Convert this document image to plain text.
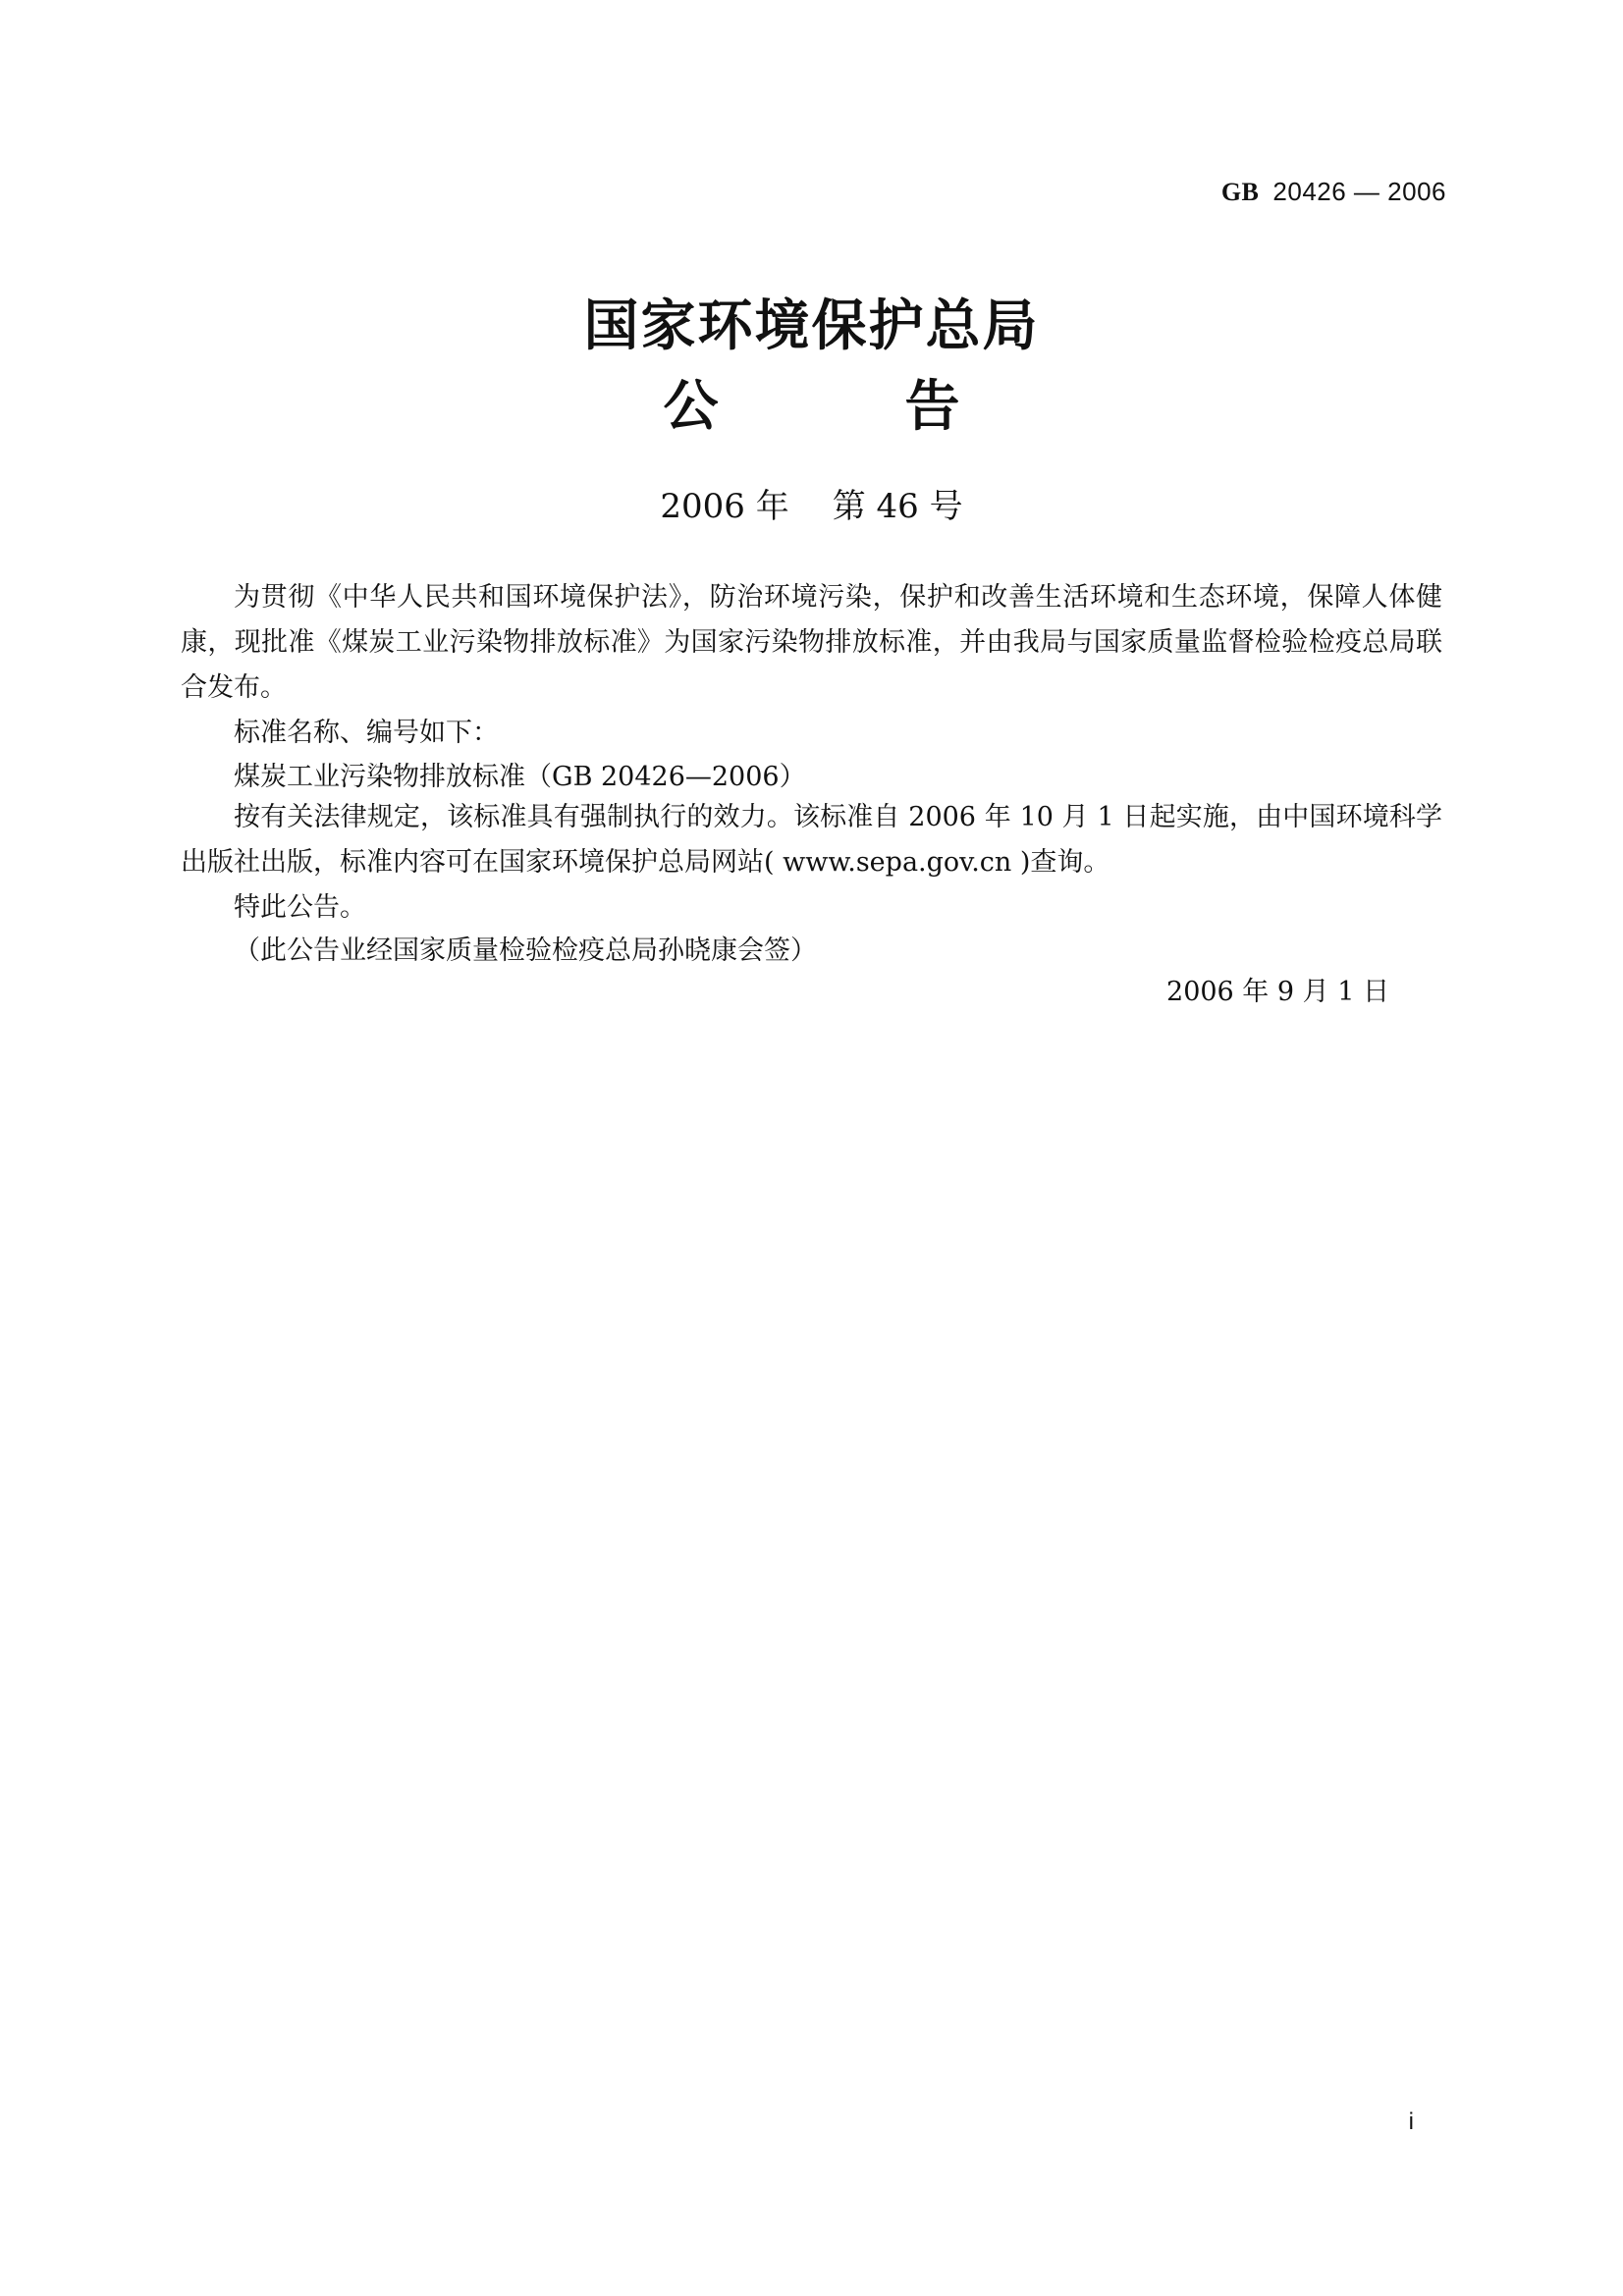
GB 20426 — 2006
国家环境保护总局
公告
2006 年 第 46 号

为贯彻《中华人民共和国环境保护法》，防治环境污染，保护和改善生活环境和生态环境，保障人体健康，现批准《煤炭工业污染物排放标准》为国家污染物排放标准，并由我局与国家质量监督检验检疫总局联合发布。

标准名称、编号如下：
煤炭工业污染物排放标准（GB 20426—2006）

按有关法律规定，该标准具有强制执行的效力。该标准自 2006 年 10 月 1 日起实施，由中国环境科学出版社出版，标准内容可在国家环境保护总局网站( www.sepa.gov.cn )查询。

特此公告。
（此公告业经国家质量检验检疫总局孙晓康会签）
2006 年 9 月 1 日
i
